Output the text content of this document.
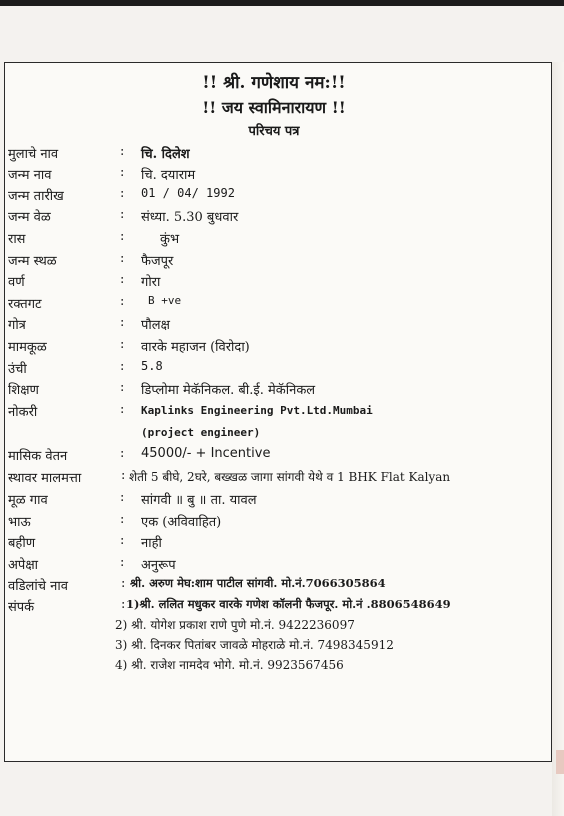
!! श्री. गणेशाय नम:!!
!! जय स्वामिनारायण !!
परिचय पत्र
मुलाचे नाव	: चि. दिलेश
जन्म नाव	: चि. दयाराम
जन्म तारीख	: 01 / 04/ 1992
जन्म वेळ	: संध्या. 5.30 बुधवार
रास	:	कुंभ
जन्म स्थळ	: फैजपूर
वर्ण	: गोरा
रक्तगट	: B +ve
गोत्र	: पौलक्ष
मामकूळ	: वारके महाजन (विरोदा)
उंची	: 5.8
शिक्षण	: डिप्लोमा मेकॅनिकल. बी.ई. मेकॅनिकल
नोकरी	: Kaplinks Engineering Pvt.Ltd.Mumbai
(project engineer)
मासिक वेतन	: 45000/- + Incentive
स्थावर मालमत्ता	: शेती 5 बीघे, 2घरे, बख्खळ जागा सांगवी येथे व 1 BHK Flat Kalyan
मूळ गाव	: सांगवी ॥ बु ॥ ता. यावल
भाऊ	: एक (अविवाहित)
बहीण	: नाही
अपेक्षा	: अनुरूप
वडिलांचे नाव	: श्री. अरुण मेघ:शाम पाटील सांगवी. मो.नं.7066305864
संपर्क	: 1)श्री. ललित मधुकर वारके गणेश कॉलनी फैजपूर. मो.नं .8806548649
2) श्री. योगेश प्रकाश राणे पुणे मो.नं. 9422236097
3) श्री. दिनकर पितांबर जावळे मोहराळे मो.नं. 7498345912
4) श्री. राजेश नामदेव भोगे. मो.नं. 9923567456
